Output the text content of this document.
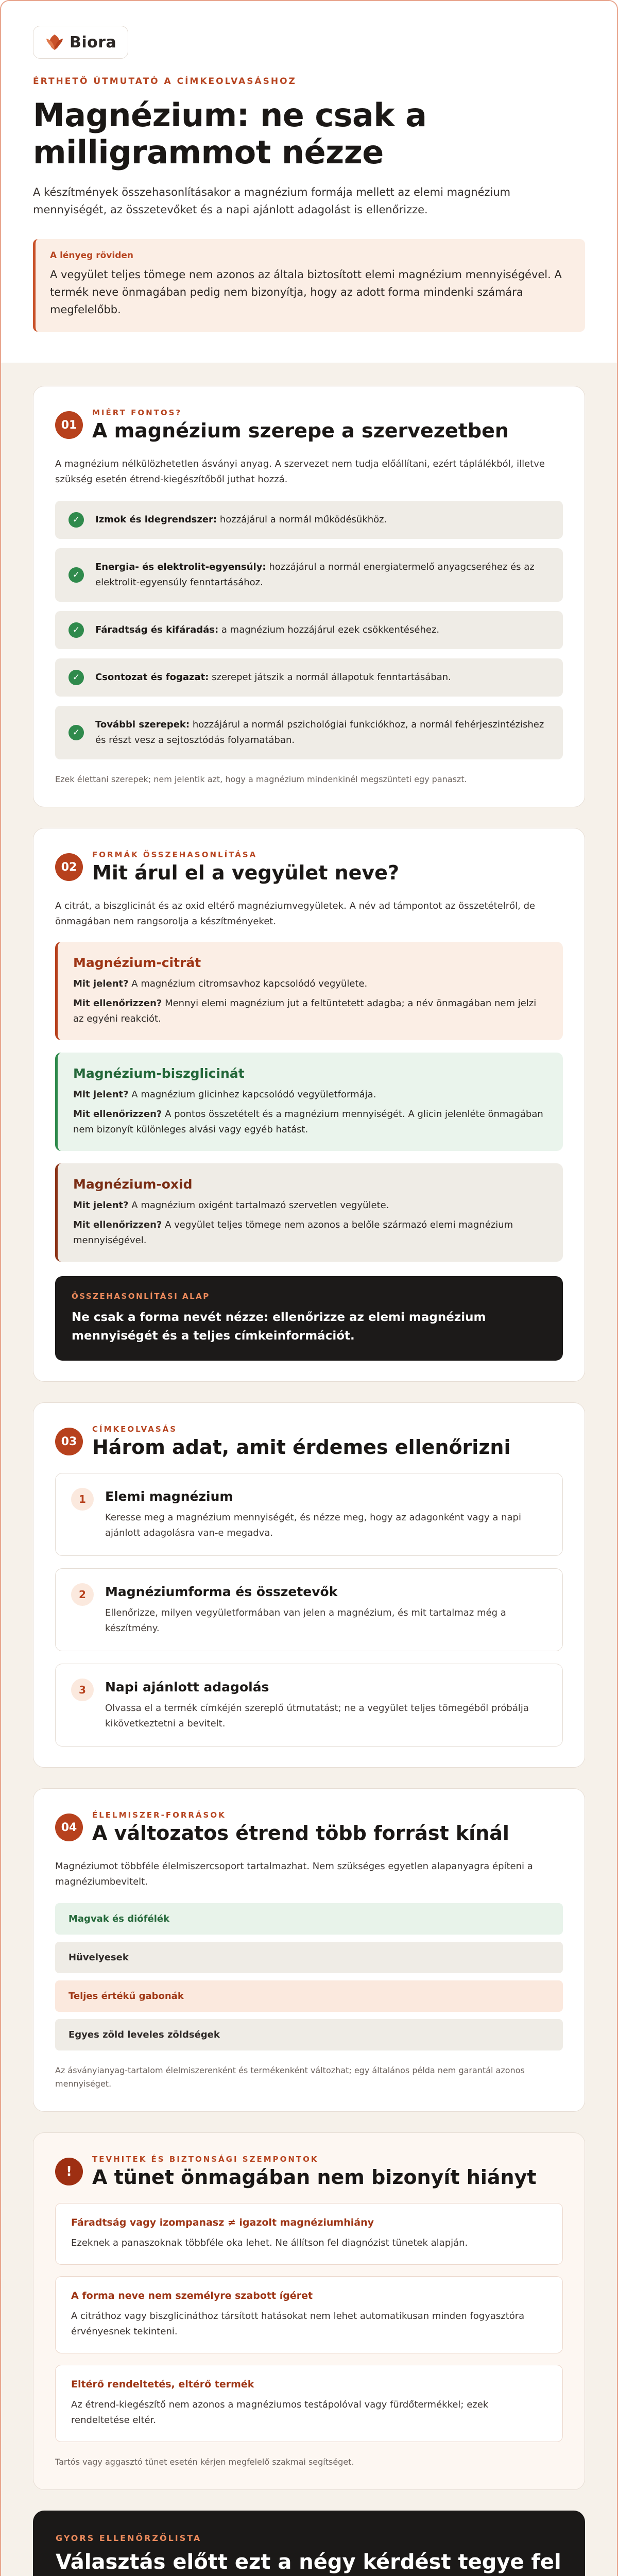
Biora
ÉRTHETŐ ÚTMUTATÓ A CÍMKEOLVASÁSHOZ
Magnézium: ne csak a milligrammot nézze

A készítmények összehasonlításakor a magnézium formája mellett az elemi magnézium mennyiségét, az összetevőket és a napi ajánlott adagolást is ellenőrizze.

A lényeg röviden
A vegyület teljes tömege nem azonos az általa biztosított elemi magnézium mennyiségével. A termék neve önmagában pedig nem bizonyítja, hogy az adott forma mindenki számára megfelelőbb.
01
MIÉRT FONTOS?
A magnézium szerepe a szervezetben

A magnézium nélkülözhetetlen ásványi anyag. A szervezet nem tudja előállítani, ezért táplálékból, illetve szükség esetén étrend-kiegészítőből juthat hozzá.

✓	Izmok és idegrendszer: hozzájárul a normál működésükhöz.
✓
Energia- és elektrolit-egyensúly: hozzájárul a normál energiatermelő anyagcseréhez és az elektrolit-egyensúly fenntartásához.
✓	Fáradtság és kifáradás: a magnézium hozzájárul ezek csökkentéséhez.
✓	Csontozat és fogazat: szerepet játszik a normál állapotuk fenntartásában.
✓
További szerepek: hozzájárul a normál pszichológiai funkciókhoz, a normál fehérjeszintézishez és részt vesz a sejtosztódás folyamatában.

Ezek élettani szerepek; nem jelentik azt, hogy a magnézium mindenkinél megszünteti egy panaszt.

02
FORMÁK ÖSSZEHASONLÍTÁSA
Mit árul el a vegyület neve?

A citrát, a biszglicinát és az oxid eltérő magnéziumvegyületek. A név ad támpontot az összetételről, de önmagában nem rangsorolja a készítményeket.

Magnézium-citrát

Mit jelent? A magnézium citromsavhoz kapcsolódó vegyülete.

Mit ellenőrizzen? Mennyi elemi magnézium jut a feltüntetett adagba; a név önmagában nem jelzi az egyéni reakciót.

Magnézium-biszglicinát

Mit jelent? A magnézium glicinhez kapcsolódó vegyületformája.

Mit ellenőrizzen? A pontos összetételt és a magnézium mennyiségét. A glicin jelenléte önmagában nem bizonyít különleges alvási vagy egyéb hatást.

Magnézium-oxid

Mit jelent? A magnézium oxigént tartalmazó szervetlen vegyülete.

Mit ellenőrizzen? A vegyület teljes tömege nem azonos a belőle származó elemi magnézium mennyiségével.

ÖSSZEHASONLÍTÁSI ALAP
Ne csak a forma nevét nézze: ellenőrizze az elemi magnézium mennyiségét és a teljes címkeinformációt.
03
CÍMKEOLVASÁS
Három adat, amit érdemes ellenőrizni
1	Elemi magnézium

Keresse meg a magnézium mennyiségét, és nézze meg, hogy az adagonként vagy a napi ajánlott adagolásra van-e megadva.

2	Magnéziumforma és összetevők

Ellenőrizze, milyen vegyületformában van jelen a magnézium, és mit tartalmaz még a készítmény.

3	Napi ajánlott adagolás

Olvassa el a termék címkéjén szereplő útmutatást; ne a vegyület teljes tömegéből próbálja kikövetkeztetni a bevitelt.

04
ÉLELMISZER-FORRÁSOK
A változatos étrend több forrást kínál

Magnéziumot többféle élelmiszercsoport tartalmazhat. Nem szükséges egyetlen alapanyagra építeni a magnéziumbevitelt.

Magvak és diófélék
Hüvelyesek
Teljes értékű gabonák
Egyes zöld leveles zöldségek

Az ásványianyag-tartalom élelmiszerenként és termékenként változhat; egy általános példa nem garantál azonos mennyiséget.

!
TEVHITEK ÉS BIZTONSÁGI SZEMPONTOK
A tünet önmagában nem bizonyít hiányt
Fáradtság vagy izompanasz ≠ igazolt magnéziumhiány

Ezeknek a panaszoknak többféle oka lehet. Ne állítson fel diagnózist tünetek alapján.

A forma neve nem személyre szabott ígéret

A citráthoz vagy biszglicináthoz társított hatásokat nem lehet automatikusan minden fogyasztóra érvényesnek tekinteni.

Eltérő rendeltetés, eltérő termék

Az étrend-kiegészítő nem azonos a magnéziumos testápolóval vagy fürdőtermékkel; ezek rendeltetése eltér.

Tartós vagy aggasztó tünet esetén kérjen megfelelő szakmai segítséget.

GYORS ELLENŐRZŐLISTA
Választás előtt ezt a négy kérdést tegye fel
